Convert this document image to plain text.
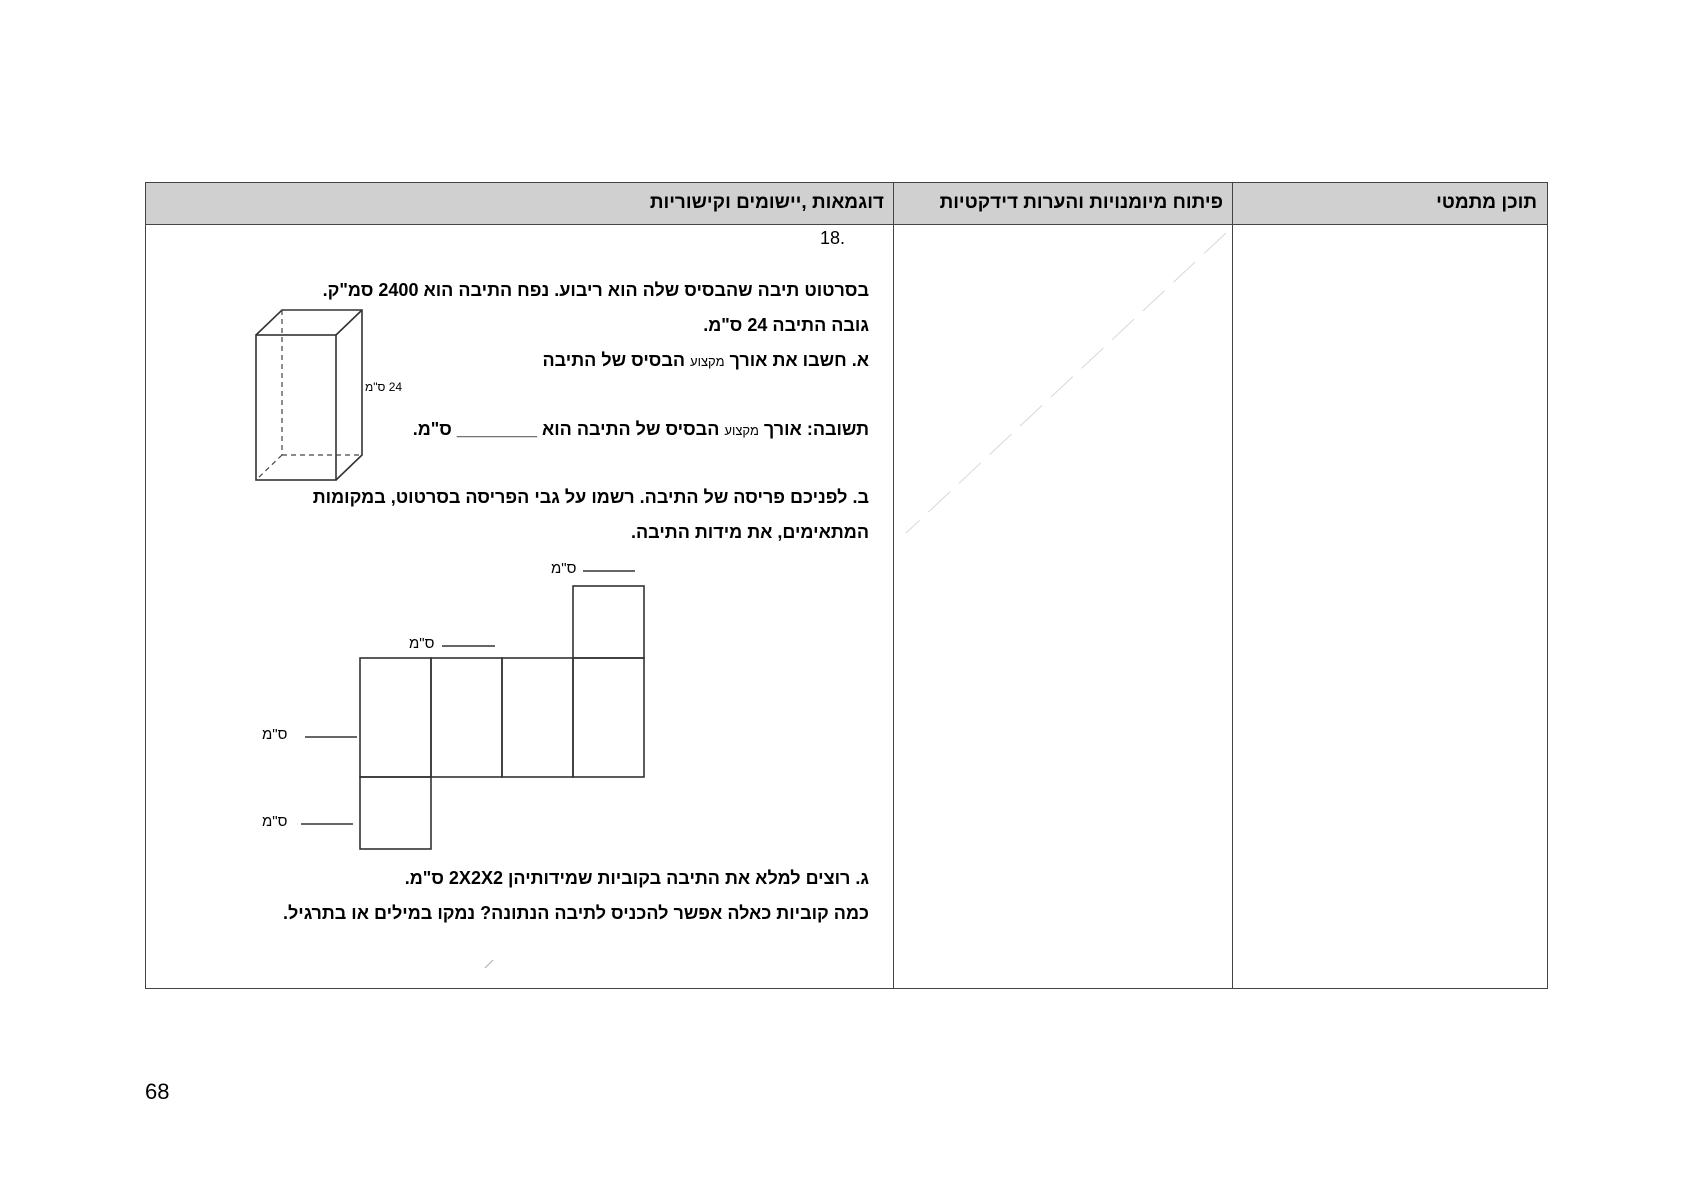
דוגמאות ,יישומים וקישוריות	פיתוח מיומנויות והערות דידקטיות	תוכן מתמטי
18.
בסרטוט תיבה שהבסיס שלה הוא ריבוע. נפח התיבה הוא 2400 סמ"ק.
גובה התיבה 24 ס"מ.
א. חשבו את אורך מקצוע הבסיס של התיבה
תשובה: אורך מקצוע הבסיס של התיבה הוא ________ ס"מ.
24 ס"מ
ב. לפניכם פריסה של התיבה. רשמו על גבי הפריסה בסרטוט, במקומות
המתאימים, את מידות התיבה.
ס"מ
ס"מ
ס"מ
ס"מ
ג. רוצים למלא את התיבה בקוביות שמידותיהן 2X2X2 ס"מ.
כמה קוביות כאלה אפשר להכניס לתיבה הנתונה? נמקו במילים או בתרגיל.
68
